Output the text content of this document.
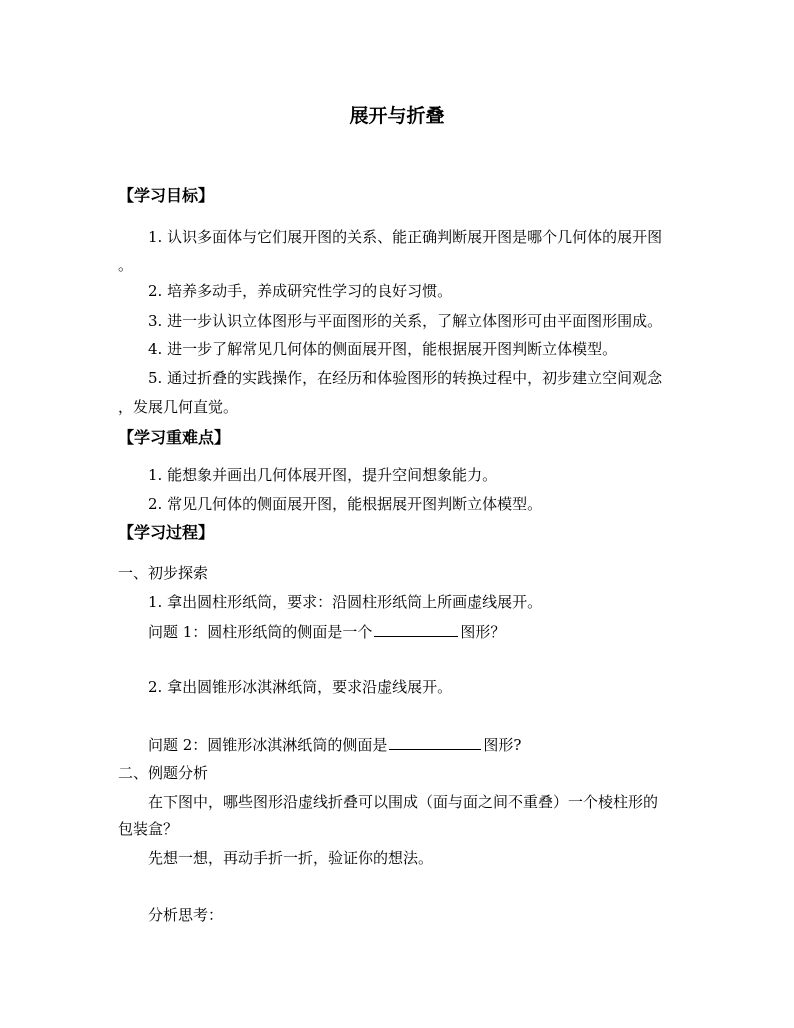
展开与折叠
【学习目标】
1. 认识多面体与它们展开图的关系、能正确判断展开图是哪个几何体的展开图
。
2. 培养多动手，养成研究性学习的良好习惯。
3. 进一步认识立体图形与平面图形的关系，了解立体图形可由平面图形围成。
4. 进一步了解常见几何体的侧面展开图，能根据展开图判断立体模型。
5. 通过折叠的实践操作，在经历和体验图形的转换过程中，初步建立空间观念
，发展几何直觉。
【学习重难点】
1. 能想象并画出几何体展开图，提升空间想象能力。
2. 常见几何体的侧面展开图，能根据展开图判断立体模型。
【学习过程】
一、初步探索
1. 拿出圆柱形纸筒，要求：沿圆柱形纸筒上所画虚线展开。
问题 1：圆柱形纸筒的侧面是一个	图形？
2. 拿出圆锥形冰淇淋纸筒，要求沿虚线展开。
问题 2：圆锥形冰淇淋纸筒的侧面是	图形?
二、例题分析
在下图中，哪些图形沿虚线折叠可以围成（面与面之间不重叠）一个棱柱形的
包装盒？
先想一想，再动手折一折，验证你的想法。
分析思考：
